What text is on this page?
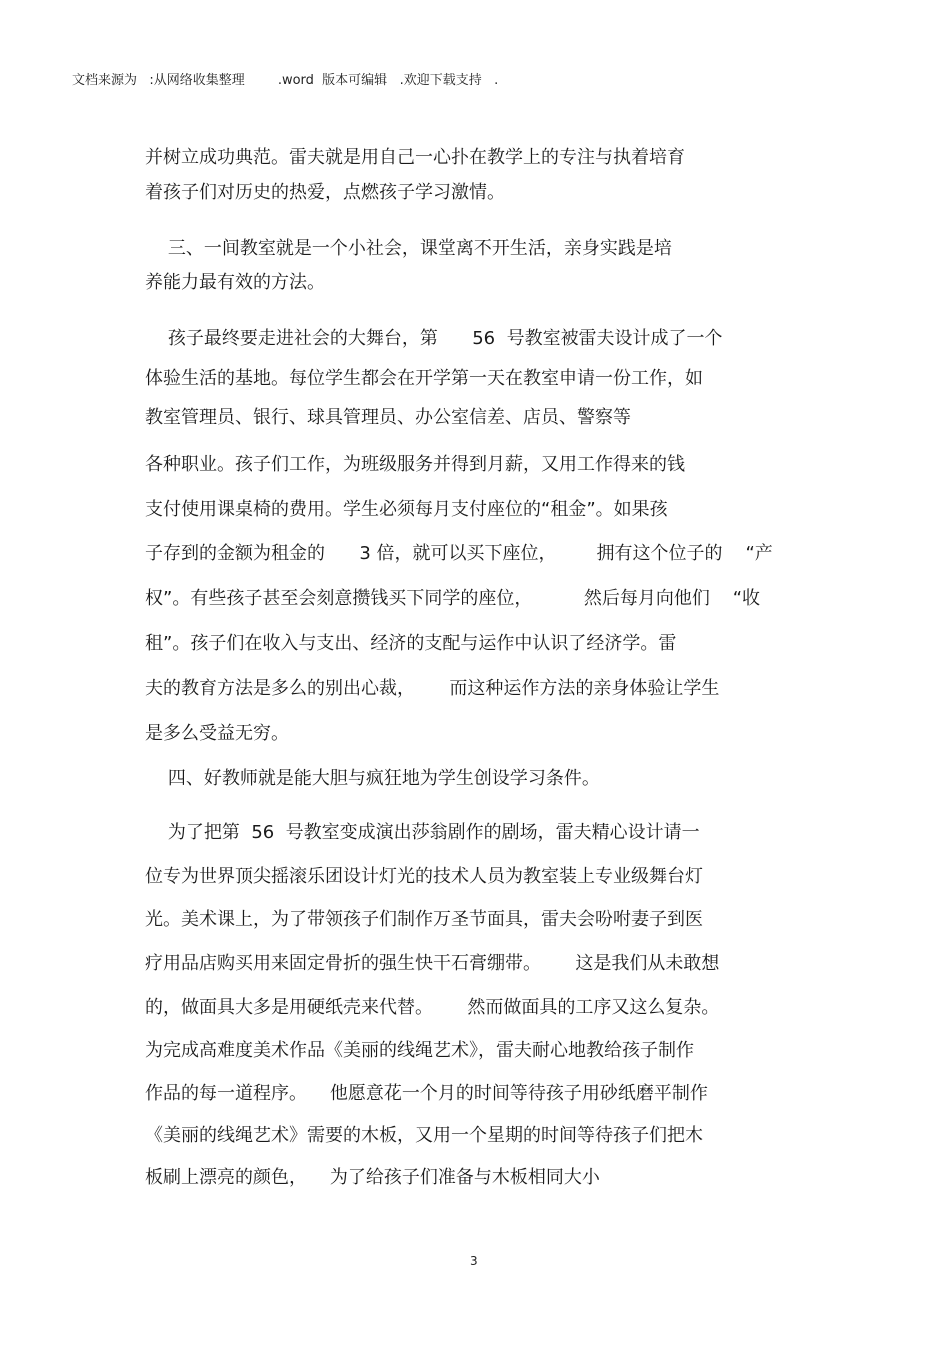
文档来源为   :从网络收集整理        .word  版本可编辑   .欢迎下载支持   .
并树立成功典范。雷夫就是用自己一心扑在教学上的专注与执着培育
着孩子们对历史的热爱，点燃孩子学习激情。
三、一间教室就是一个小社会，课堂离不开生活，亲身实践是培
养能力最有效的方法。
孩子最终要走进社会的大舞台，第      56  号教室被雷夫设计成了一个
体验生活的基地。每位学生都会在开学第一天在教室申请一份工作，如
教室管理员、银行、球具管理员、办公室信差、店员、警察等
各种职业。孩子们工作，为班级服务并得到月薪，又用工作得来的钱
支付使用课桌椅的费用。学生必须每月支付座位的“租金”。如果孩
子存到的金额为租金的      3 倍，就可以买下座位，       拥有这个位子的    “产
权”。有些孩子甚至会刻意攒钱买下同学的座位，         然后每月向他们    “收
租”。孩子们在收入与支出、经济的支配与运作中认识了经济学。雷
夫的教育方法是多么的别出心裁，      而这种运作方法的亲身体验让学生
是多么受益无穷。
四、好教师就是能大胆与疯狂地为学生创设学习条件。
为了把第  56  号教室变成演出莎翁剧作的剧场，雷夫精心设计请一
位专为世界顶尖摇滚乐团设计灯光的技术人员为教室装上专业级舞台灯
光。美术课上，为了带领孩子们制作万圣节面具，雷夫会吩咐妻子到医
疗用品店购买用来固定骨折的强生快干石膏绷带。      这是我们从未敢想
的，做面具大多是用硬纸壳来代替。      然而做面具的工序又这么复杂。
为完成高难度美术作品《美丽的线绳艺术》，雷夫耐心地教给孩子制作
作品的每一道程序。    他愿意花一个月的时间等待孩子用砂纸磨平制作
《美丽的线绳艺术》需要的木板，又用一个星期的时间等待孩子们把木
板刷上漂亮的颜色，    为了给孩子们准备与木板相同大小
3
